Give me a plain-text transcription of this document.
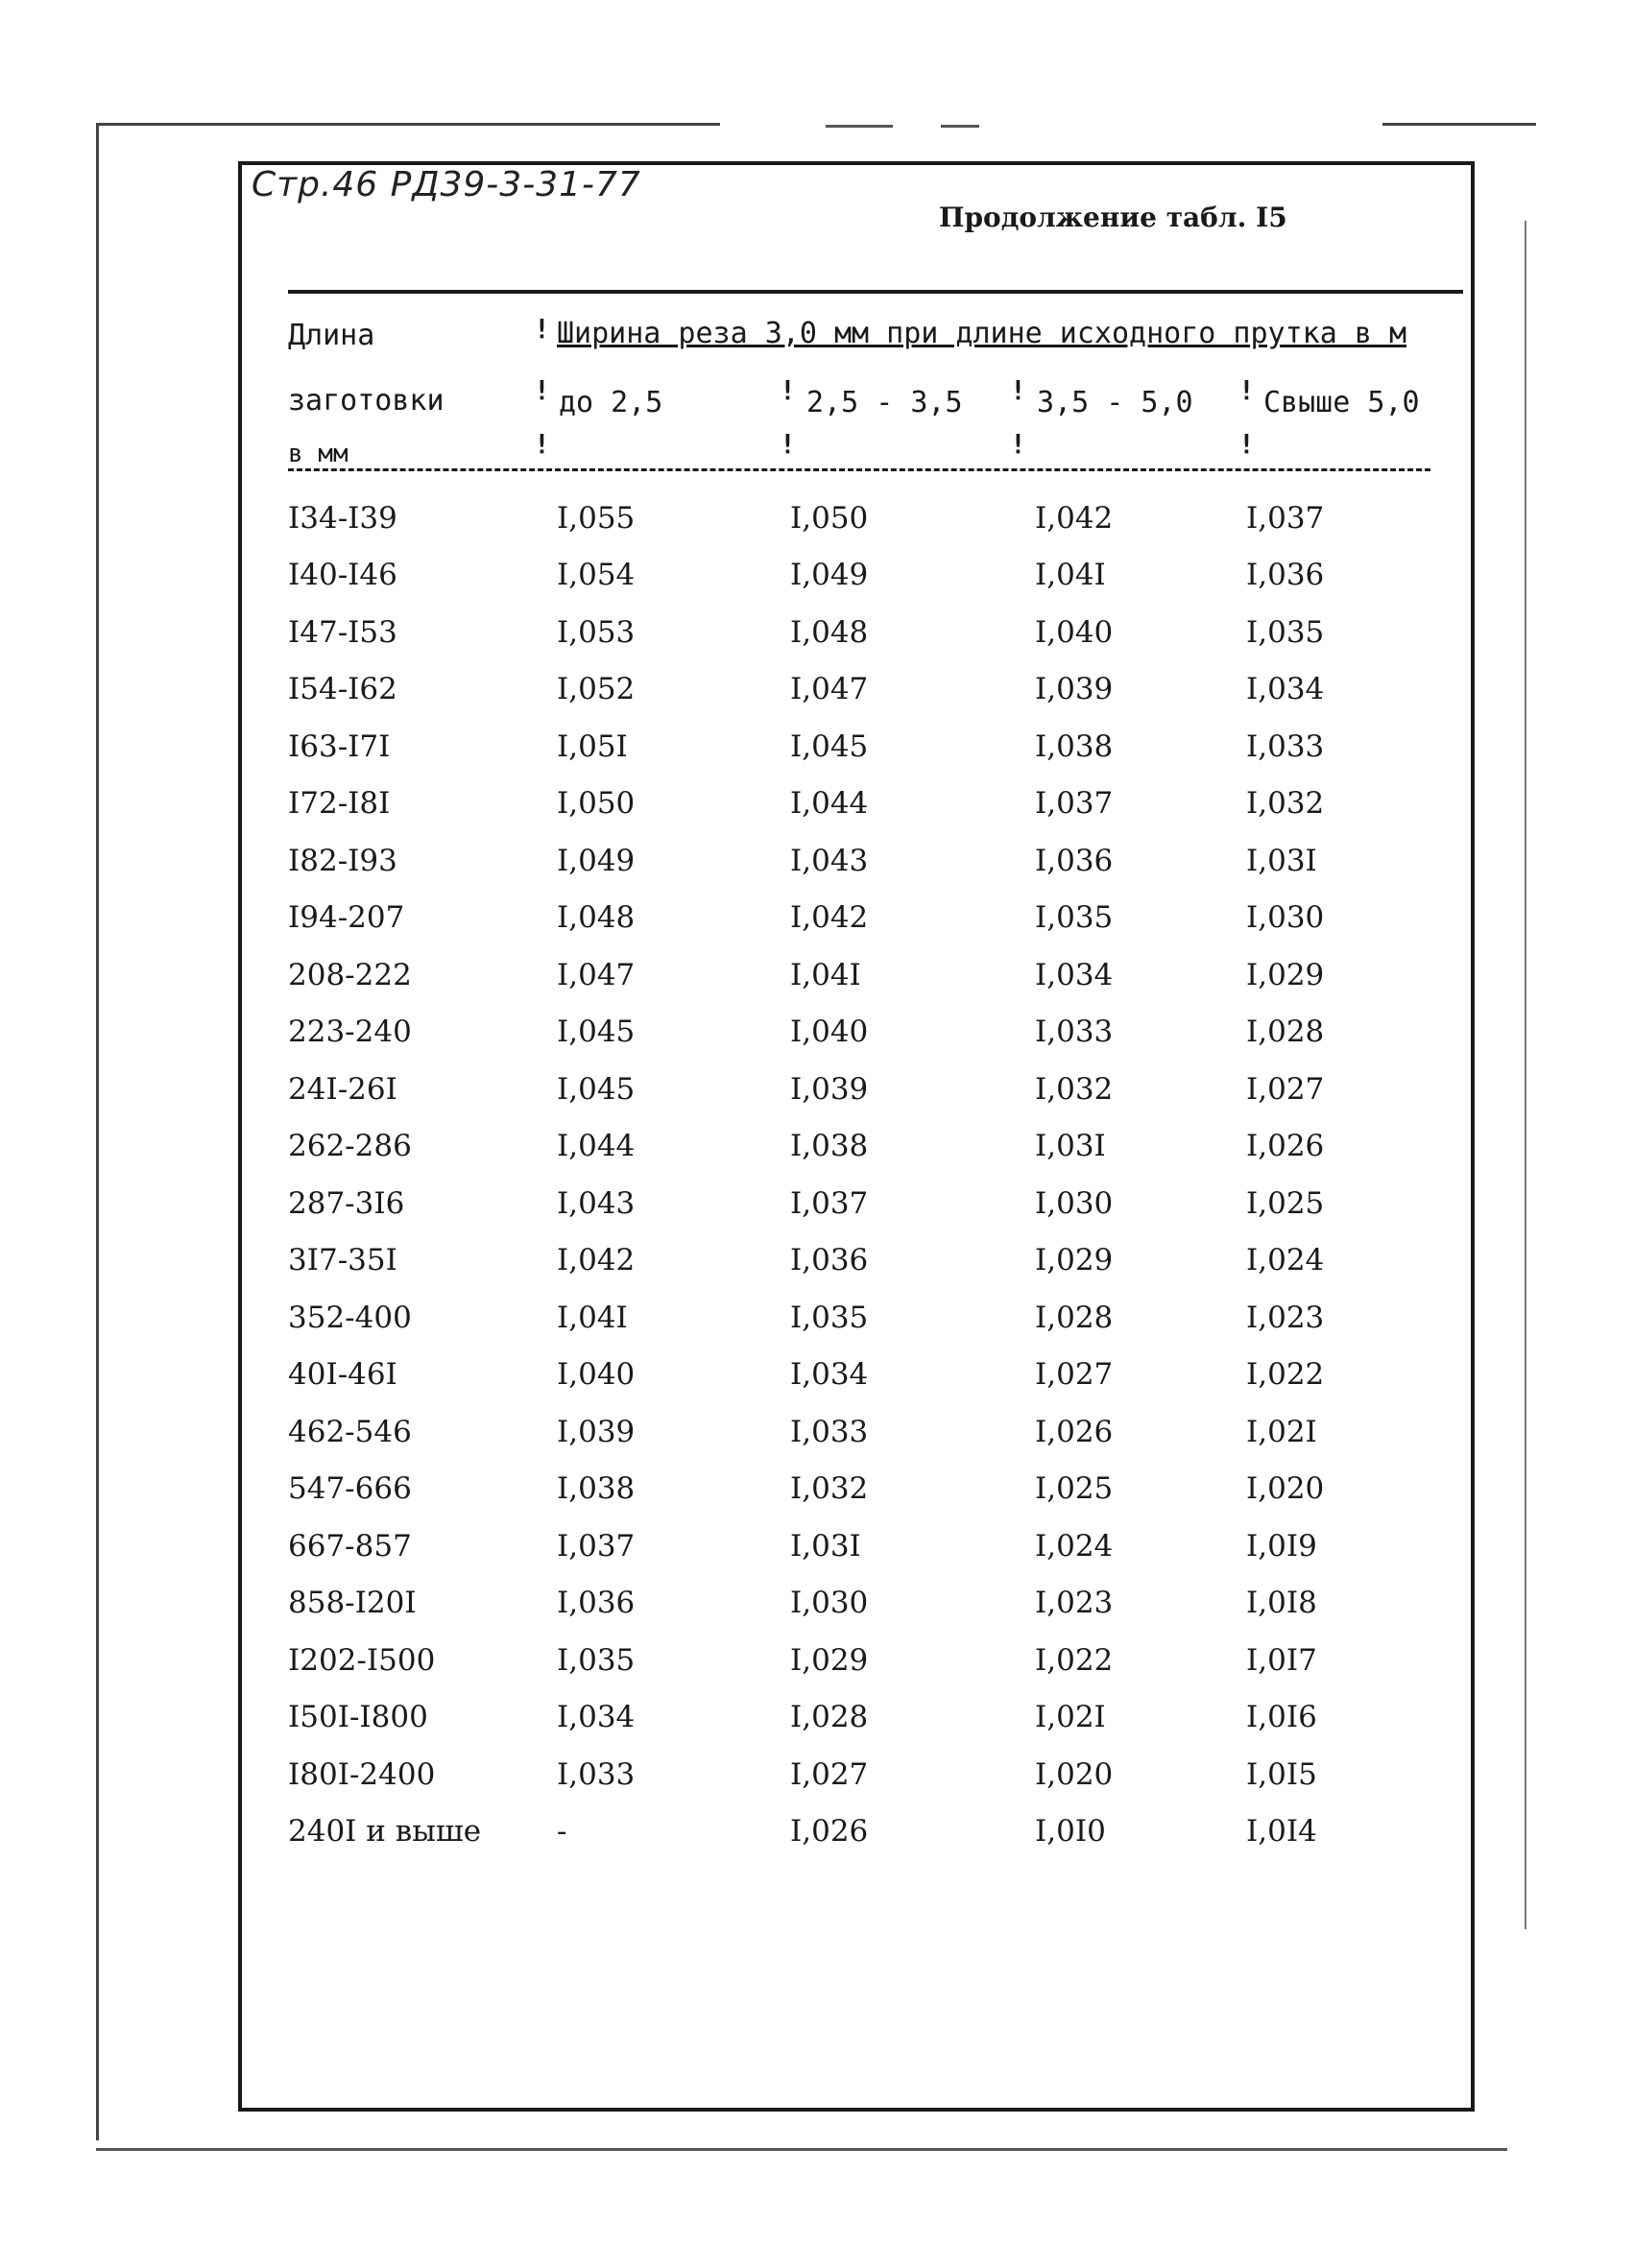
Стр.46 РД39-3-31-77
Продолжение табл. I5
Длина
заготовки
в мм
! Ширина реза 3,0 мм при длине исходного прутка в м
!	!	!	!
до 2,5	2,5 - 3,5	3,5 - 5,0 Свыше 5,0
!	!	!	!
I34-I39	I,055	I,050	I,042	I,037
I40-I46	I,054	I,049	I,04I	I,036
I47-I53	I,053	I,048	I,040	I,035
I54-I62	I,052	I,047	I,039	I,034
I63-I7I	I,05I	I,045	I,038	I,033
I72-I8I	I,050	I,044	I,037	I,032
I82-I93	I,049	I,043	I,036	I,03I
I94-207	I,048	I,042	I,035	I,030
208-222	I,047	I,04I	I,034	I,029
223-240	I,045	I,040	I,033	I,028
24I-26I	I,045	I,039	I,032	I,027
262-286	I,044	I,038	I,03I	I,026
287-3I6	I,043	I,037	I,030	I,025
3I7-35I	I,042	I,036	I,029	I,024
352-400	I,04I	I,035	I,028	I,023
40I-46I	I,040	I,034	I,027	I,022
462-546	I,039	I,033	I,026	I,02I
547-666	I,038	I,032	I,025	I,020
667-857	I,037	I,03I	I,024	I,0I9
858-I20I	I,036	I,030	I,023	I,0I8
I202-I500	I,035	I,029	I,022	I,0I7
I50I-I800	I,034	I,028	I,02I	I,0I6
I80I-2400	I,033	I,027	I,020	I,0I5
240I и выше	-	I,026	I,0I0	I,0I4
